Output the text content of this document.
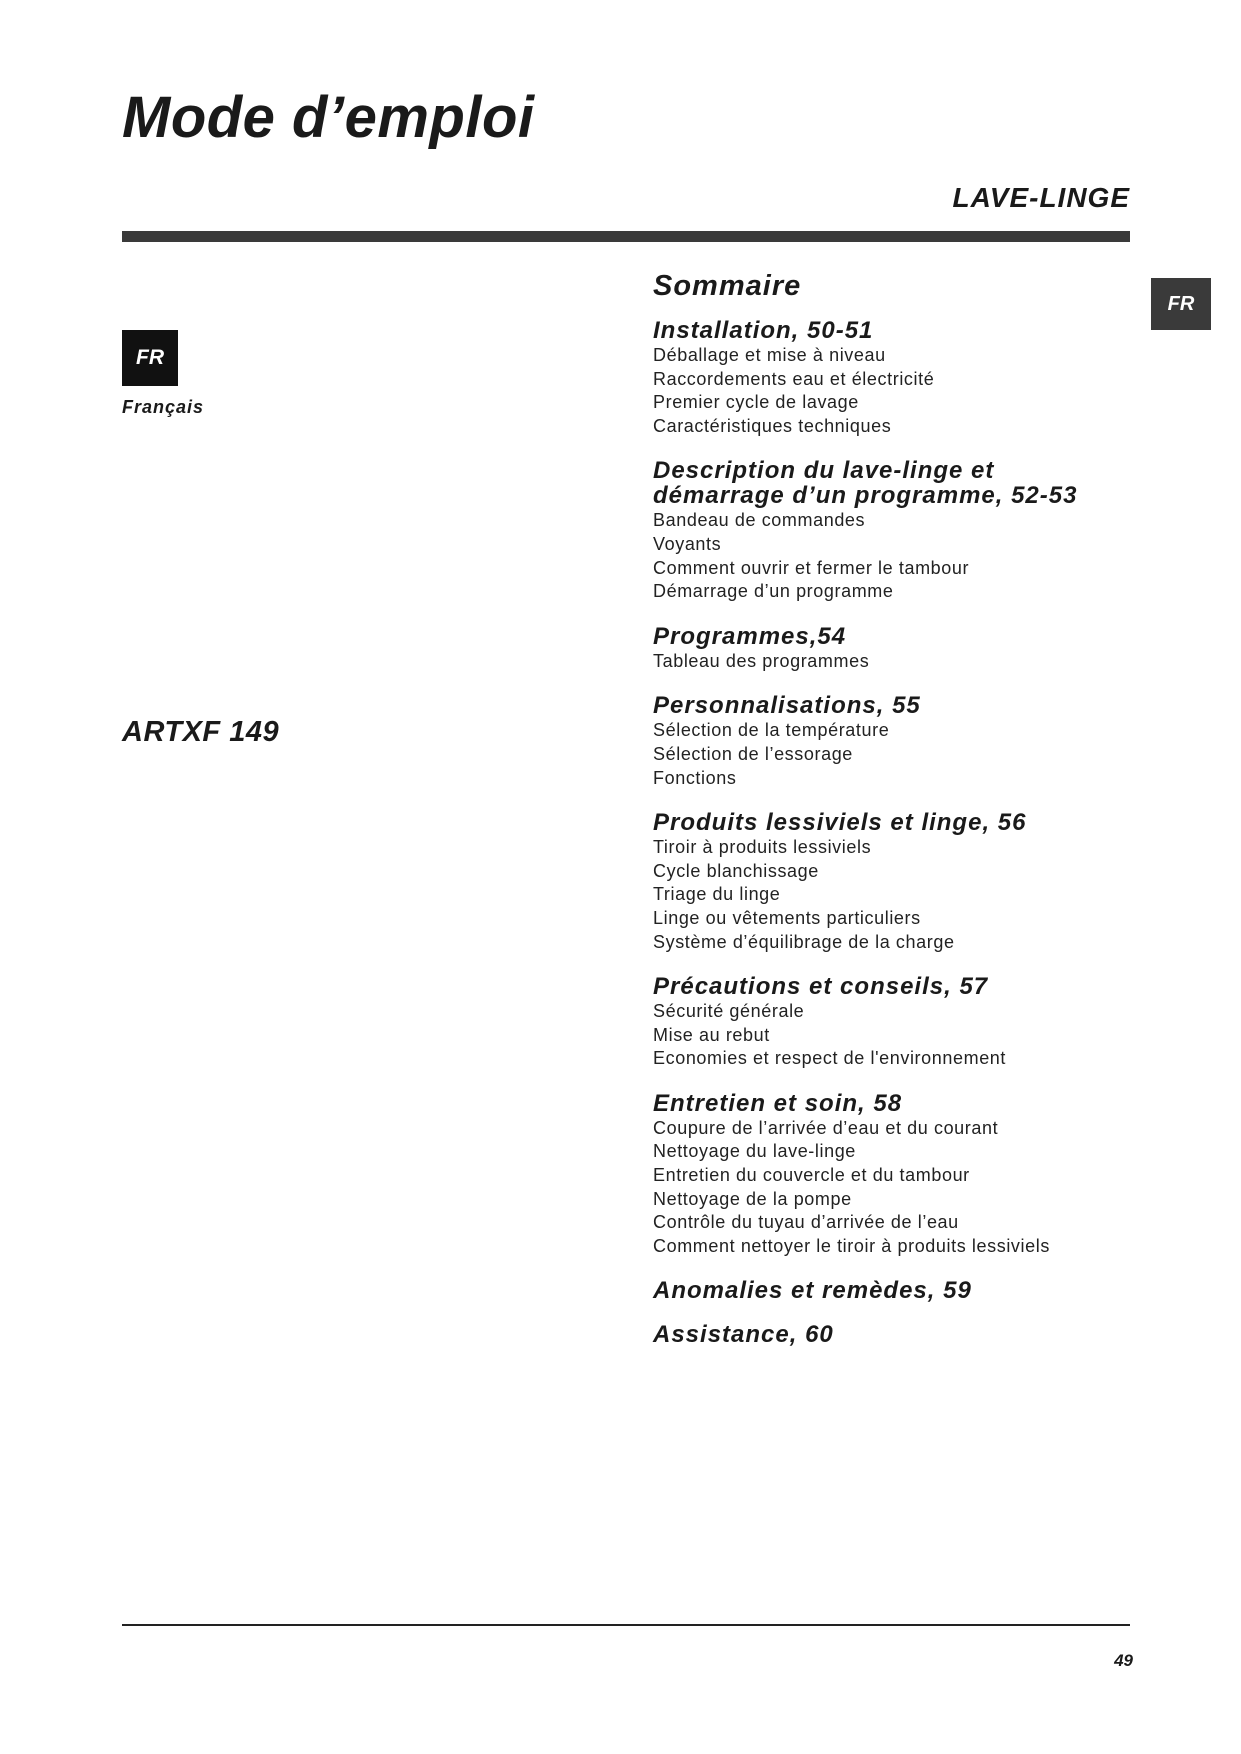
Mode d’emploi
LAVE-LINGE
FR
FR
Français
ARTXF 149
Sommaire
Installation, 50-51
Déballage et mise à niveau
Raccordements eau et électricité
Premier cycle de lavage
Caractéristiques techniques
Description du lave-linge et
démarrage d’un programme, 52-53
Bandeau de commandes
Voyants
Comment ouvrir et fermer le tambour
Démarrage d’un programme
Programmes,54
Tableau des programmes
Personnalisations, 55
Sélection de la température
Sélection de l’essorage
Fonctions
Produits lessiviels et linge, 56
Tiroir à produits lessiviels
Cycle blanchissage
Triage du linge
Linge ou vêtements particuliers
Système d’équilibrage de la charge
Précautions et conseils, 57
Sécurité générale
Mise au rebut
Economies et respect de l'environnement
Entretien et soin, 58
Coupure de l’arrivée d’eau et du courant
Nettoyage du lave-linge
Entretien du couvercle et du tambour
Nettoyage de la pompe
Contrôle du tuyau d’arrivée de l’eau
Comment nettoyer le tiroir à produits lessiviels
Anomalies et remèdes, 59
Assistance, 60
49
